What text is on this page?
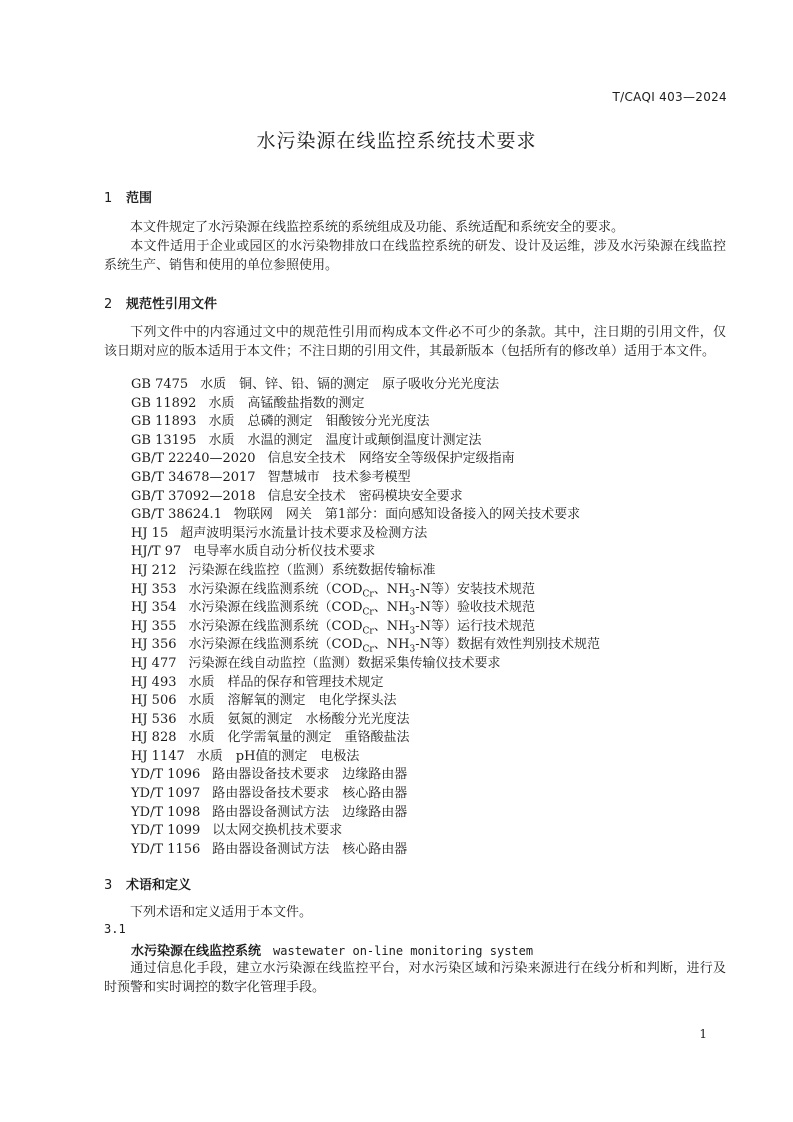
T/CAQI 403—2024
水污染源在线监控系统技术要求
1 范围
本文件规定了水污染源在线监控系统的系统组成及功能、系统适配和系统安全的要求。
本文件适用于企业或园区的水污染物排放口在线监控系统的研发、设计及运维，涉及水污染源在线监控系统生产、销售和使用的单位参照使用。
2 规范性引用文件
下列文件中的内容通过文中的规范性引用而构成本文件必不可少的条款。其中，注日期的引用文件，仅该日期对应的版本适用于本文件；不注日期的引用文件，其最新版本（包括所有的修改单）适用于本文件。
GB 7475 水质　铜、锌、铅、镉的测定　原子吸收分光光度法
GB 11892 水质　高锰酸盐指数的测定
GB 11893 水质　总磷的测定　钼酸铵分光光度法
GB 13195 水质　水温的测定　温度计或颠倒温度计测定法
GB/T 22240—2020 信息安全技术　网络安全等级保护定级指南
GB/T 34678—2017 智慧城市　技术参考模型
GB/T 37092—2018 信息安全技术　密码模块安全要求
GB/T 38624.1 物联网　网关　第1部分：面向感知设备接入的网关技术要求
HJ 15 超声波明渠污水流量计技术要求及检测方法
HJ/T 97 电导率水质自动分析仪技术要求
HJ 212 污染源在线监控（监测）系统数据传输标准
HJ 353 水污染源在线监测系统（$COD_{Cr}$、$NH_3-N$等）安装技术规范
HJ 354 水污染源在线监测系统（$COD_{Cr}$、$NH_3-N$等）验收技术规范
HJ 355 水污染源在线监测系统（$COD_{Cr}$、$NH_3-N$等）运行技术规范
HJ 356 水污染源在线监测系统（$COD_{Cr}$、$NH_3-N$等）数据有效性判别技术规范
HJ 477 污染源在线自动监控（监测）数据采集传输仪技术要求
HJ 493 水质　样品的保存和管理技术规定
HJ 506 水质　溶解氧的测定　电化学探头法
HJ 536 水质　氨氮的测定　水杨酸分光光度法
HJ 828 水质　化学需氧量的测定　重铬酸盐法
HJ 1147 水质　pH值的测定　电极法
YD/T 1096 路由器设备技术要求　边缘路由器
YD/T 1097 路由器设备技术要求　核心路由器
YD/T 1098 路由器设备测试方法　边缘路由器
YD/T 1099 以太网交换机技术要求
YD/T 1156 路由器设备测试方法　核心路由器
3 术语和定义
下列术语和定义适用于本文件。
3.1
水污染源在线监控系统 wastewater on-line monitoring system
通过信息化手段，建立水污染源在线监控平台，对水污染区域和污染来源进行在线分析和判断，进行及时预警和实时调控的数字化管理手段。
1
